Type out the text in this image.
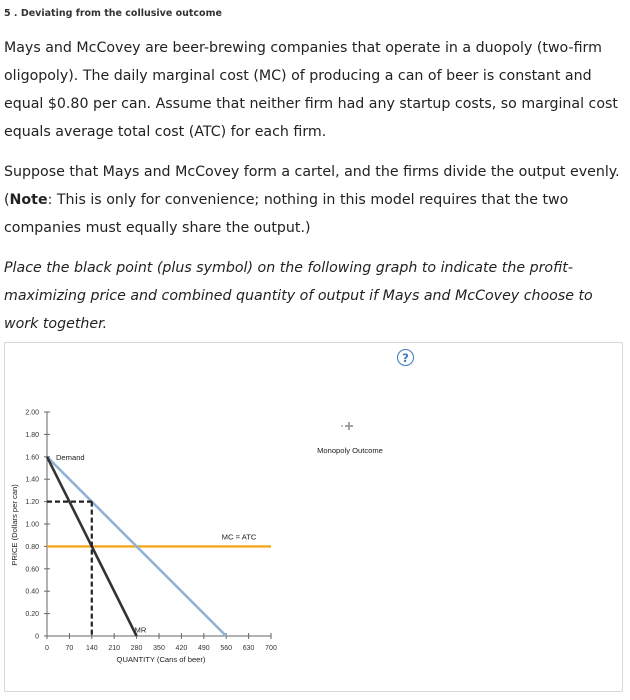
5 . Deviating from the collusive outcome
Mays and McCovey are beer-brewing companies that operate in a duopoly (two-firm oligopoly). The daily marginal cost (MC) of producing a can of beer is constant and equal $0.80 per can. Assume that neither firm had any startup costs, so marginal cost equals average total cost (ATC) for each firm.
Suppose that Mays and McCovey form a cartel, and the firms divide the output evenly. (Note: This is only for convenience; nothing in this model requires that the two companies must equally share the output.)
Place the black point (plus symbol) on the following graph to indicate the profit-maximizing price and combined quantity of output if Mays and McCovey choose to work together.
?
0
0.20
0.40
0.60
0.80
1.00
1.20
1.40
1.60
1.80
2.00
0 70 140 210 280 350 420 490 560 630 700
QUANTITY (Cans of beer)
PRICE (Dollars per can)
Demand
MR
MC = ATC
Monopoly Outcome
